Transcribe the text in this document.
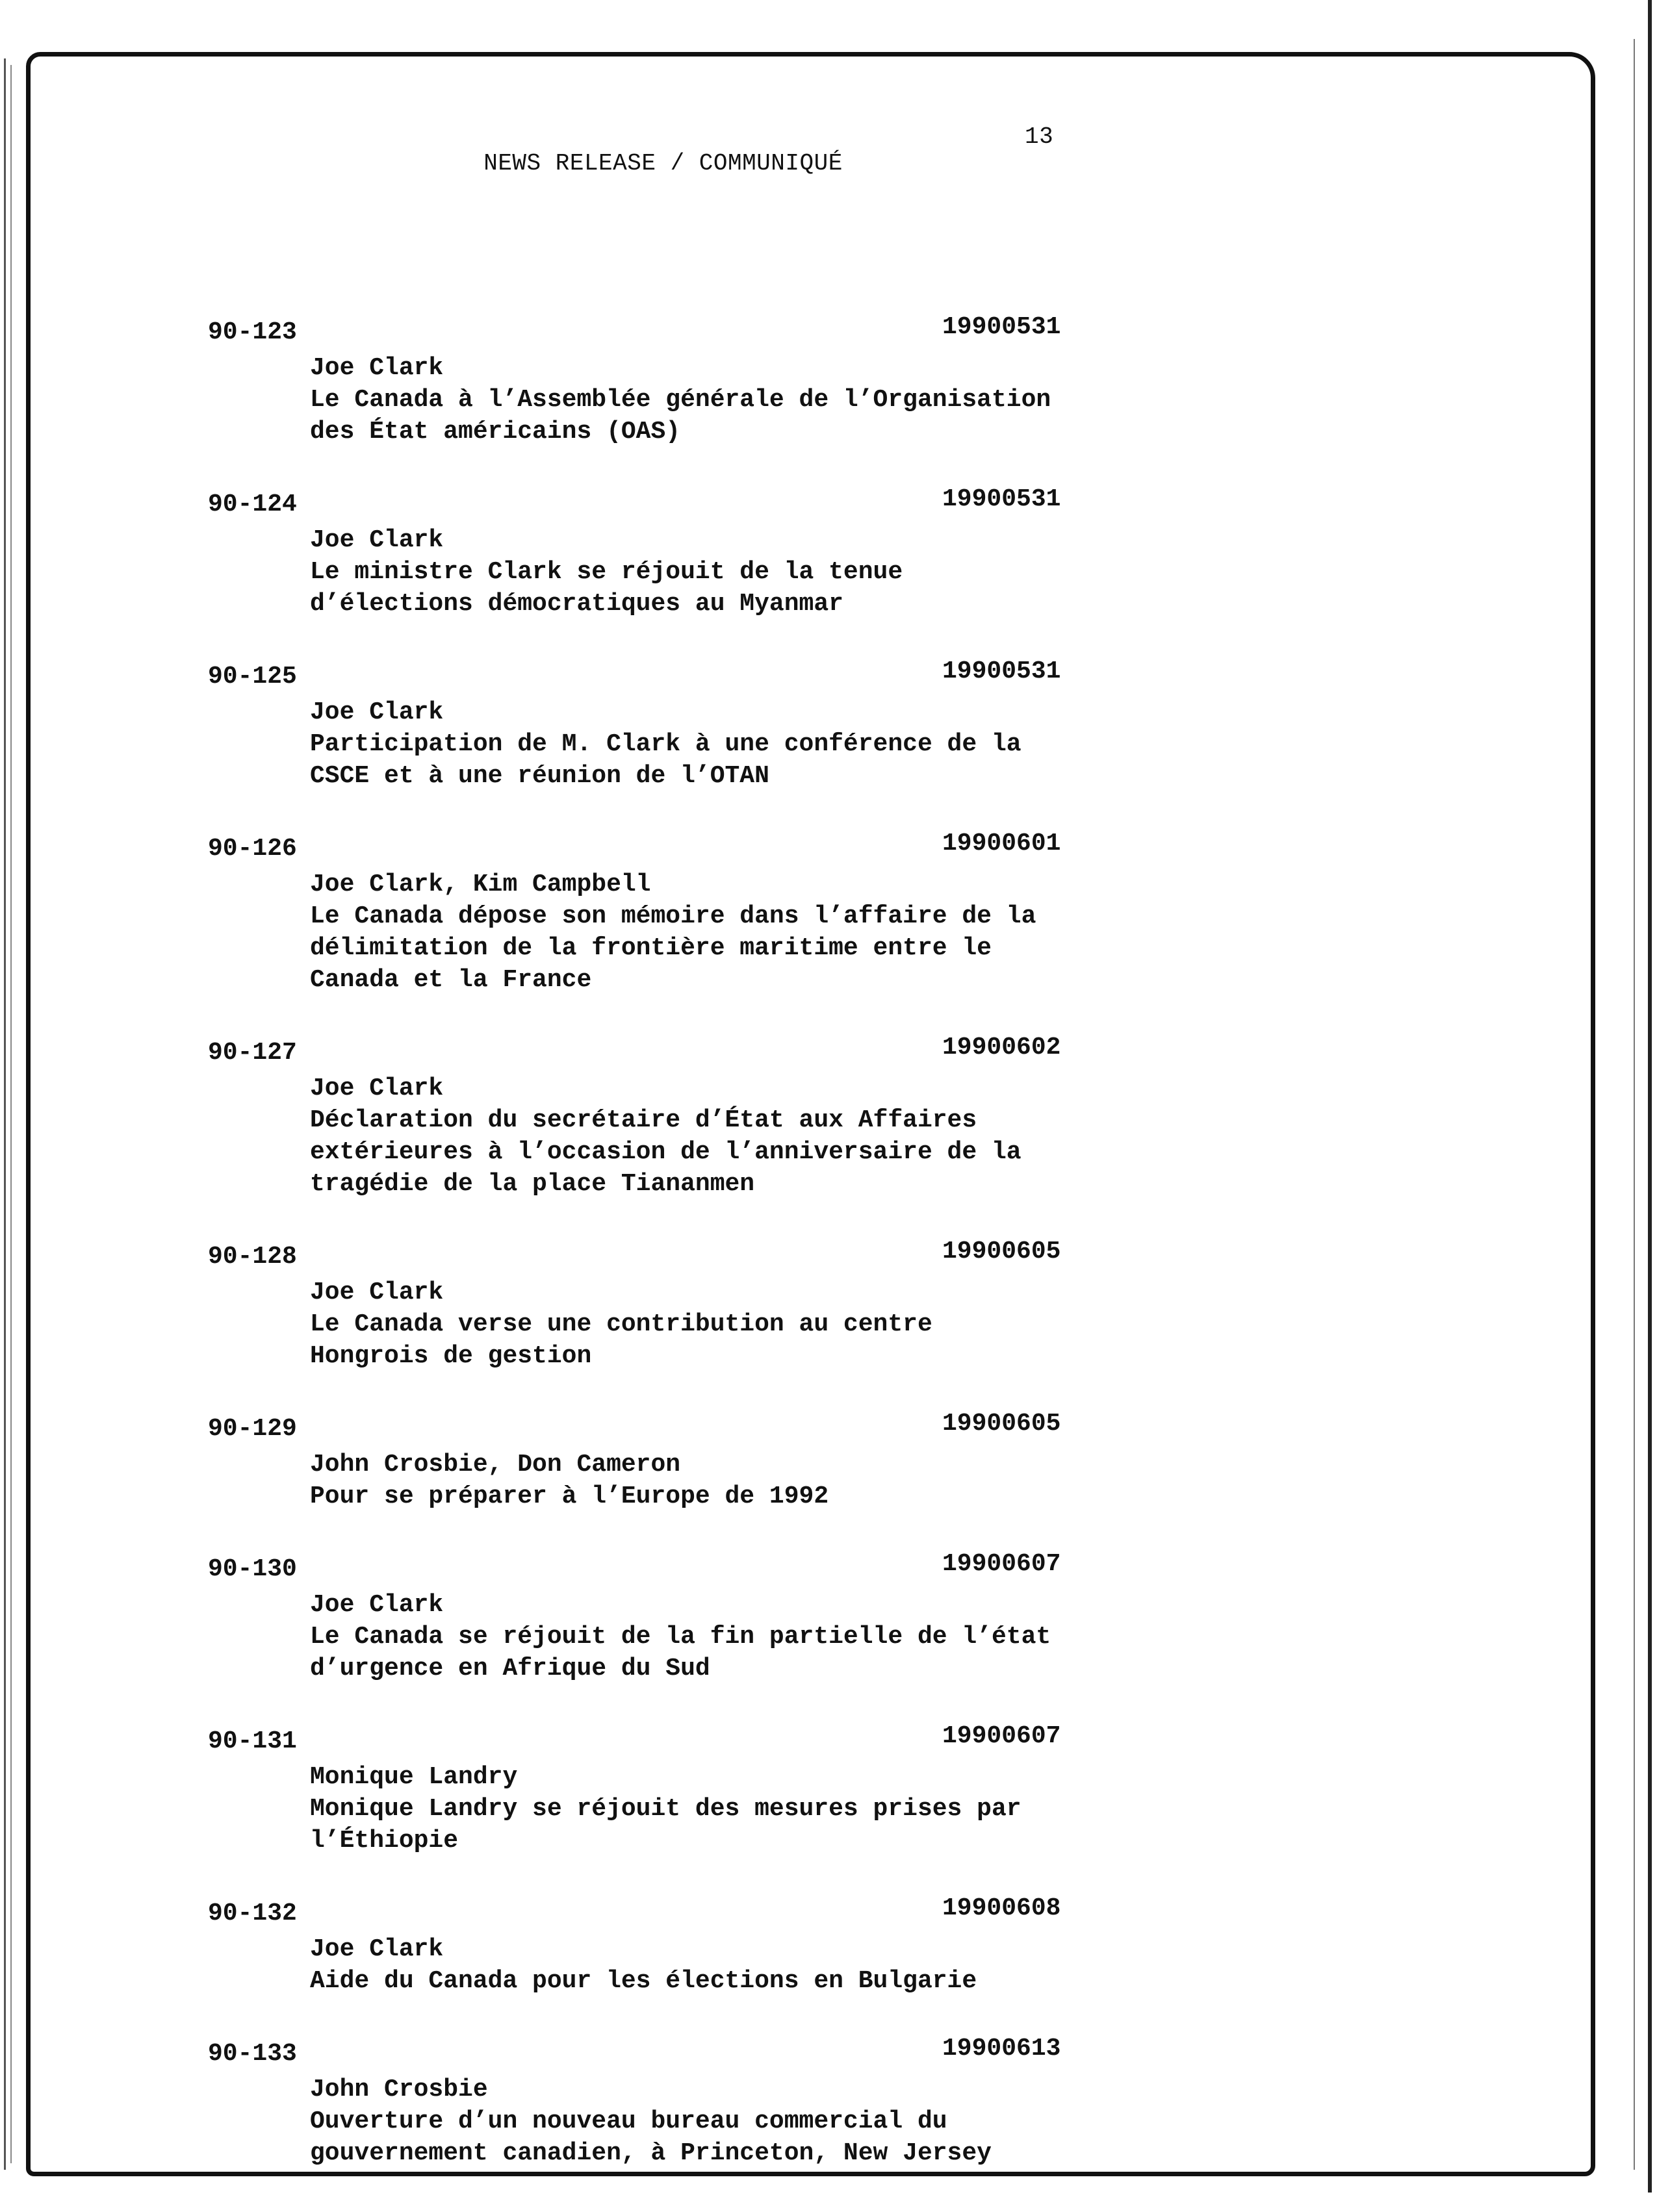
NEWS RELEASE / COMMUNIQUÉ

13

90-123	19900531
Joe Clark
Le Canada à l’Assemblée générale de l’Organisation
des État américains (OAS)
90-124	19900531
Joe Clark
Le ministre Clark se réjouit de la tenue
d’élections démocratiques au Myanmar
90-125	19900531
Joe Clark
Participation de M. Clark à une conférence de la
CSCE et à une réunion de l’OTAN
90-126	19900601
Joe Clark, Kim Campbell
Le Canada dépose son mémoire dans l’affaire de la
délimitation de la frontière maritime entre le
Canada et la France
90-127	19900602
Joe Clark
Déclaration du secrétaire d’État aux Affaires
extérieures à l’occasion de l’anniversaire de la
tragédie de la place Tiananmen
90-128	19900605
Joe Clark
Le Canada verse une contribution au centre
Hongrois de gestion
90-129	19900605
John Crosbie, Don Cameron
Pour se préparer à l’Europe de 1992
90-130	19900607
Joe Clark
Le Canada se réjouit de la fin partielle de l’état
d’urgence en Afrique du Sud
90-131	19900607
Monique Landry
Monique Landry se réjouit des mesures prises par
l’Éthiopie
90-132	19900608
Joe Clark
Aide du Canada pour les élections en Bulgarie
90-133	19900613
John Crosbie
Ouverture d’un nouveau bureau commercial du
gouvernement canadien, à Princeton, New Jersey
